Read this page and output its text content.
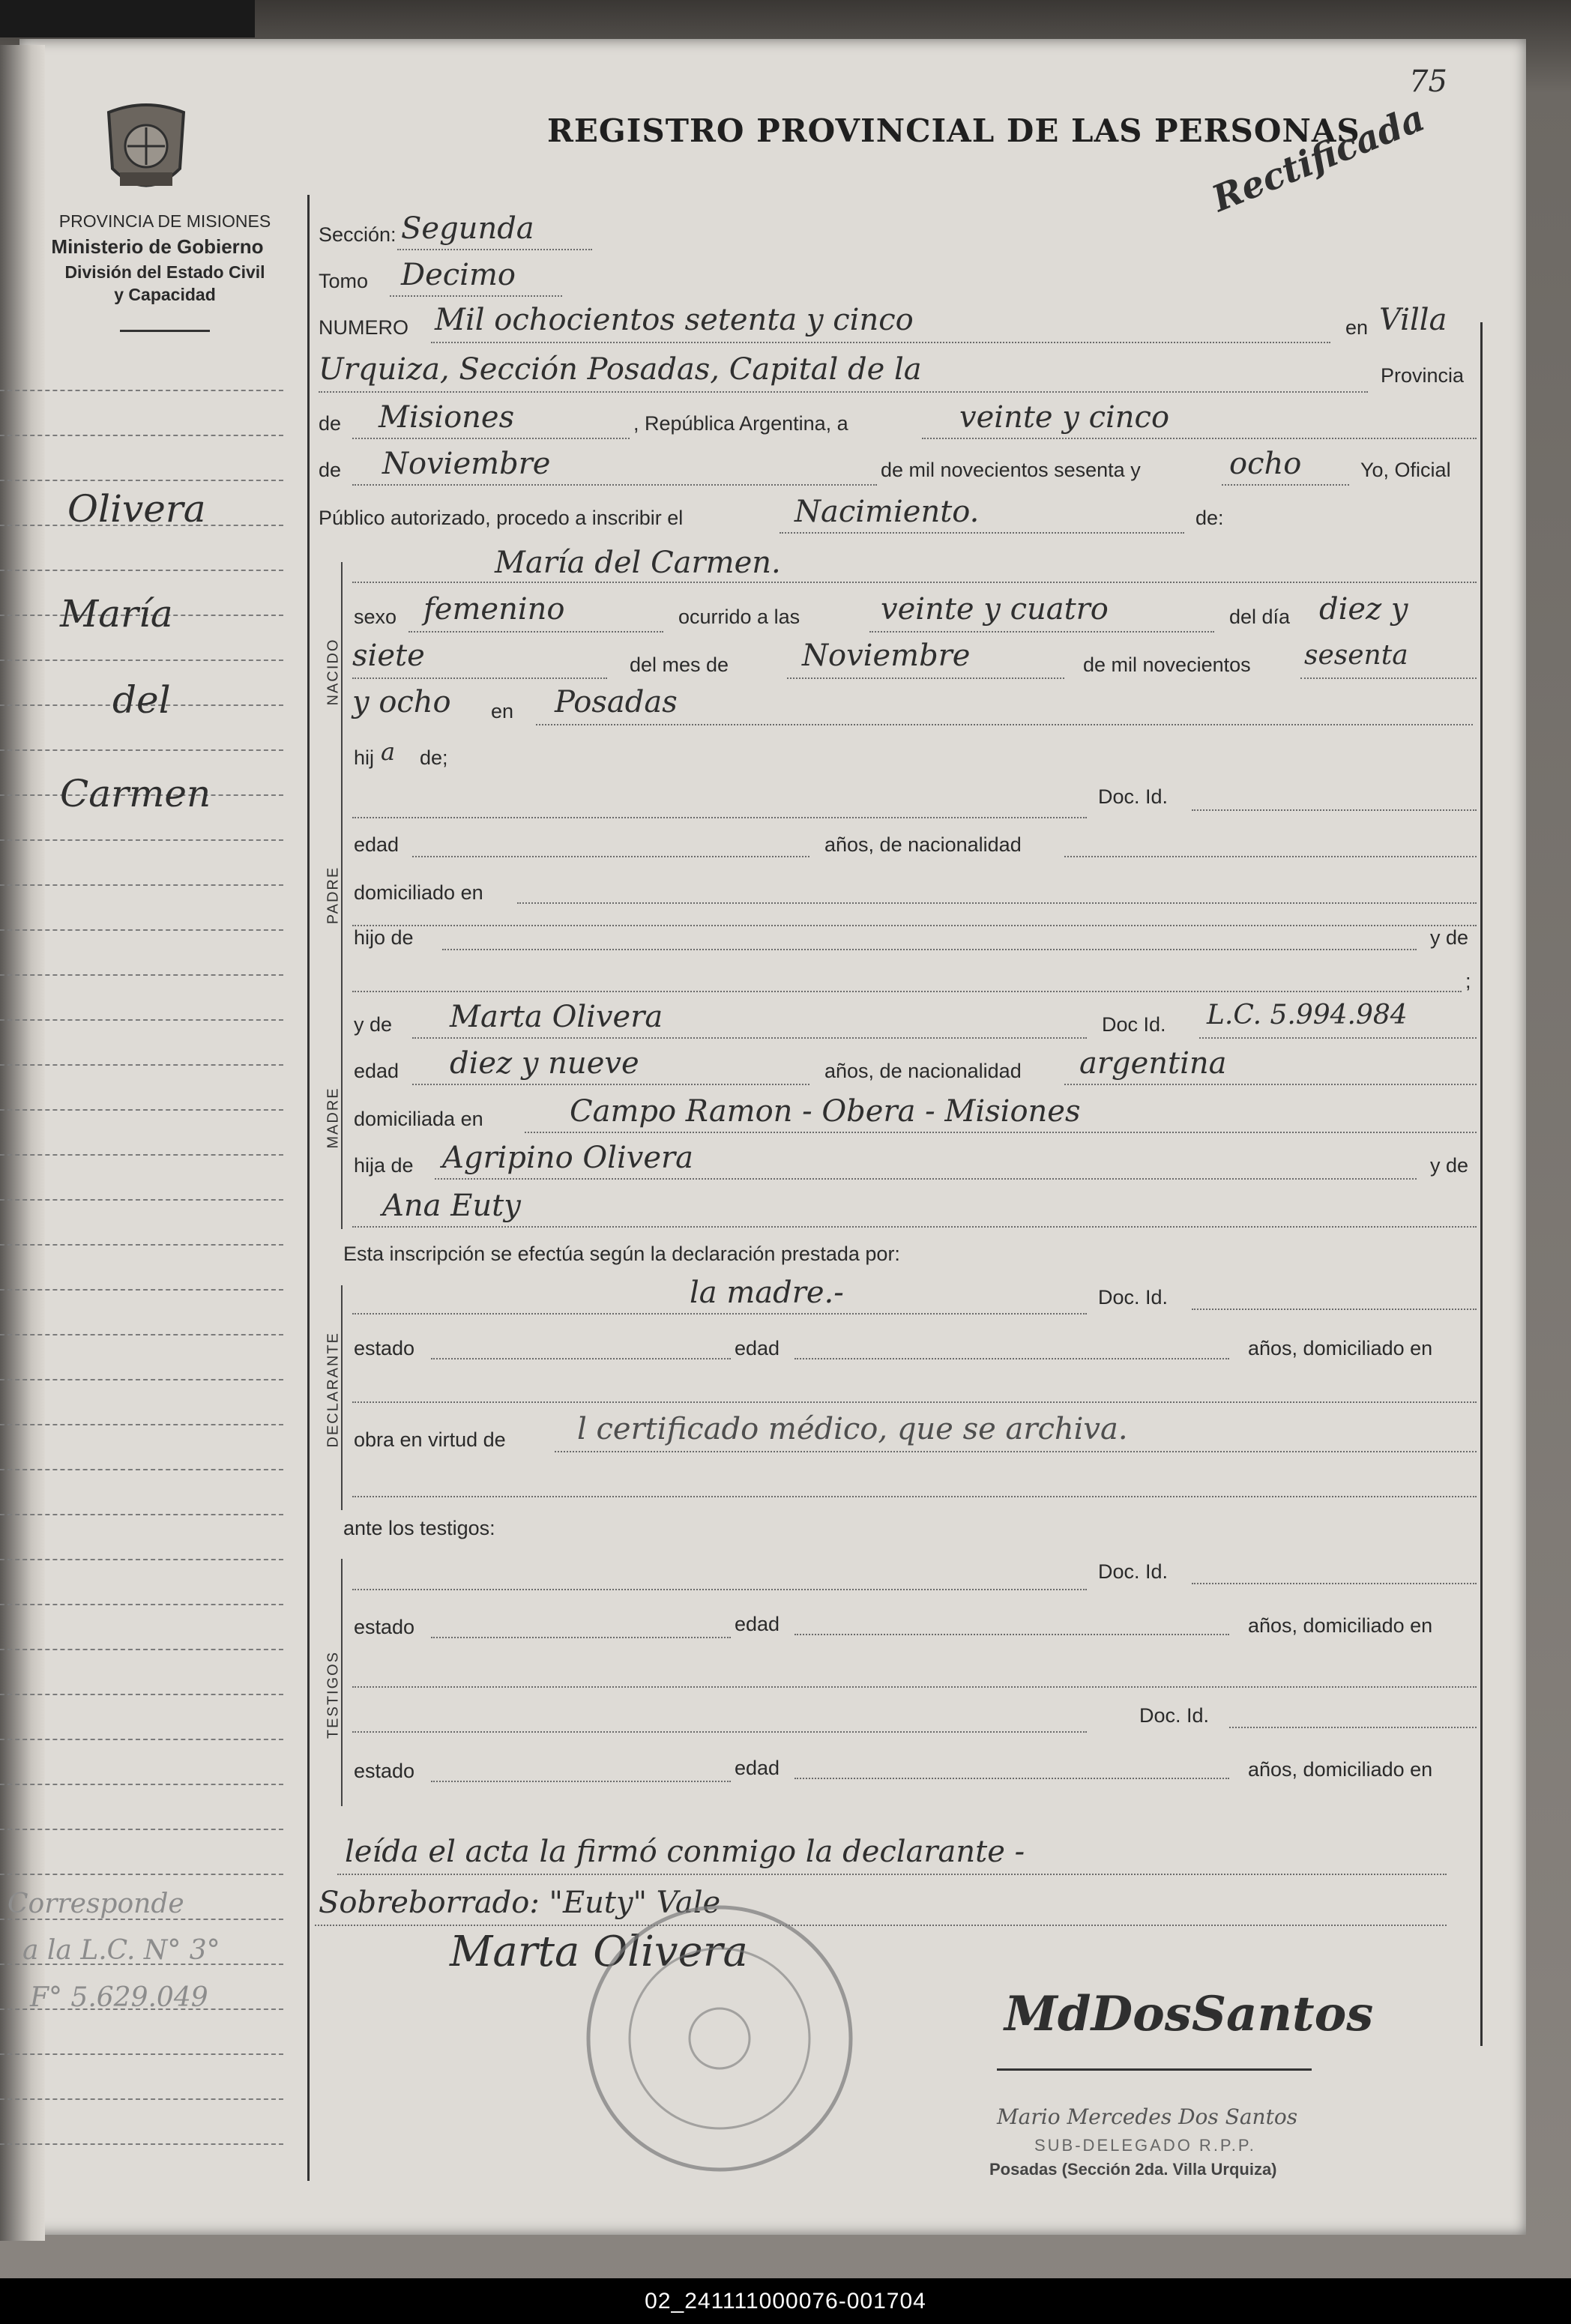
75
PROVINCIA DE MISIONES
Ministerio de Gobierno
División del Estado Civil
y Capacidad
REGISTRO PROVINCIAL DE LAS PERSONAS
Rectificada
Olivera
María
del
Carmen
Corresponde
a la L.C. N° 3°
F° 5.629.049
Sección: Segunda
Tomo Decimo
NUMERO Mil ochocientos setenta y cinco	en Villa
Urquiza, Sección Posadas, Capital de la	Provincia
de Misiones	, República Argentina, a	veinte y cinco
de Noviembre	de mil novecientos sesenta y	ocho	Yo, Oficial
Público autorizado, procedo a inscribir el	Nacimiento.	de:
NACIDO
María del Carmen.
sexo femenino	ocurrido a las	veinte y cuatro	del día diez y
siete	del mes de Noviembre	de mil novecientos sesenta
y ocho en Posadas
hij a de;
PADRE
Doc. Id.
edad	años, de nacionalidad
domiciliado en
hijo de	y de
;
MADRE
y de Marta Olivera	Doc Id. L.C. 5.994.984
edad diez y nueve	años, de nacionalidad argentina
domiciliada en	Campo Ramon - Obera - Misiones
hija de Agripino Olivera	y de
Ana Euty
Esta inscripción se efectúa según la declaración prestada por:
DECLARANTE
la madre.-	Doc. Id.
estado	edad	años, domiciliado en
obra en virtud de l certificado médico, que se archiva.
ante los testigos:
TESTIGOS
Doc. Id.
estado	edad	años, domiciliado en
Doc. Id.
estado	edad	años, domiciliado en
leída el acta la firmó conmigo la declarante -
Sobreborrado: "Euty" Vale
Marta Olivera
MdDosSantos
Mario Mercedes Dos Santos
SUB-DELEGADO R.P.P.
Posadas (Sección 2da. Villa Urquiza)
02_241111000076-001704
